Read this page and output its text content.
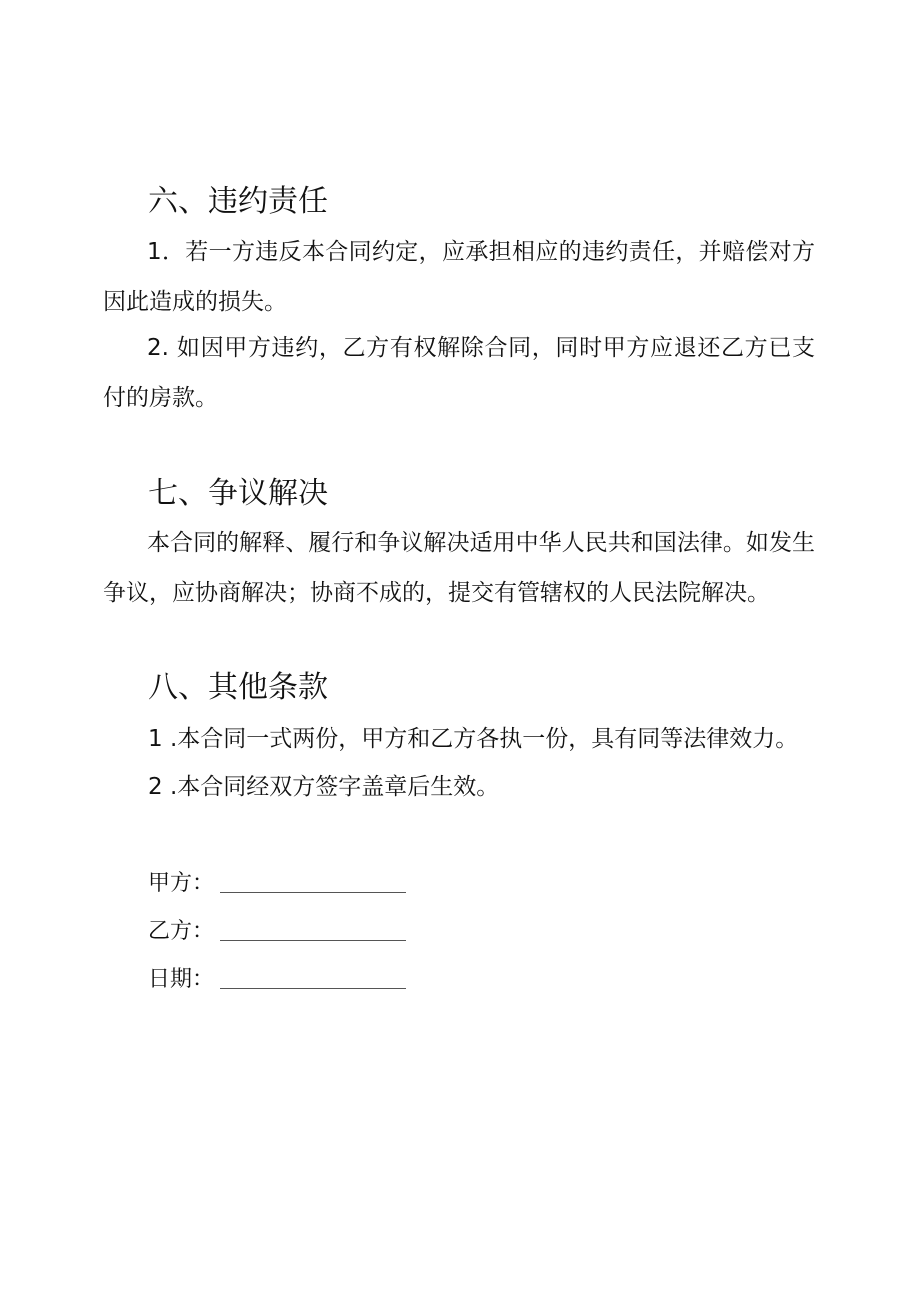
六、违约责任

1．若一方违反本合同约定，应承担相应的违约责任，并赔偿对方因此造成的损失。

2. 如因甲方违约，乙方有权解除合同，同时甲方应退还乙方已支付的房款。

七、争议解决

本合同的解释、履行和争议解决适用中华人民共和国法律。如发生争议，应协商解决；协商不成的，提交有管辖权的人民法院解决。

八、其他条款

1 .本合同一式两份，甲方和乙方各执一份，具有同等法律效力。

2 .本合同经双方签字盖章后生效。

甲方：
乙方：
日期：
